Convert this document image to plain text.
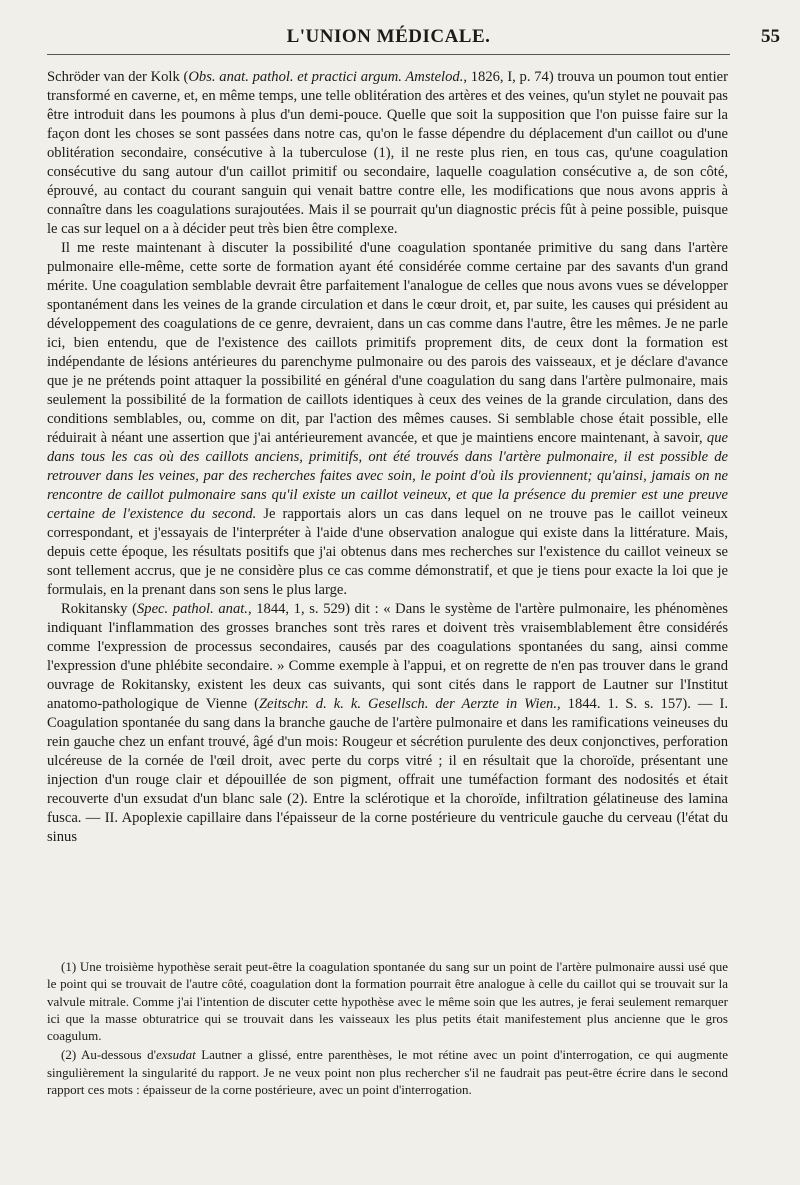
L'UNION MÉDICALE.	55

Schröder van der Kolk (Obs. anat. pathol. et practici argum. Amstelod., 1826, I, p. 74) trouva un poumon tout entier transformé en caverne, et, en même temps, une telle oblitération des artères et des veines, qu'un stylet ne pouvait pas être introduit dans les poumons à plus d'un demi-pouce. Quelle que soit la supposition que l'on puisse faire sur la façon dont les choses se sont passées dans notre cas, qu'on le fasse dépendre du déplacement d'un caillot ou d'une oblitération secondaire, consécutive à la tuberculose (1), il ne reste plus rien, en tous cas, qu'une coagulation consécutive du sang autour d'un caillot primitif ou secondaire, laquelle coagulation consécutive a, de son côté, éprouvé, au contact du courant sanguin qui venait battre contre elle, les modifications que nous avons appris à connaître dans les coagulations surajoutées. Mais il se pourrait qu'un diagnostic précis fût à peine possible, puisque le cas sur lequel on a à décider peut très bien être complexe.

Il me reste maintenant à discuter la possibilité d'une coagulation spontanée primitive du sang dans l'artère pulmonaire elle-même, cette sorte de formation ayant été considérée comme certaine par des savants d'un grand mérite. Une coagulation semblable devrait être parfaitement l'analogue de celles que nous avons vues se développer spontanément dans les veines de la grande circulation et dans le cœur droit, et, par suite, les causes qui président au développement des coagulations de ce genre, devraient, dans un cas comme dans l'autre, être les mêmes. Je ne parle ici, bien entendu, que de l'existence des caillots primitifs proprement dits, de ceux dont la formation est indépendante de lésions antérieures du parenchyme pulmonaire ou des parois des vaisseaux, et je déclare d'avance que je ne prétends point attaquer la possibilité en général d'une coagulation du sang dans l'artère pulmonaire, mais seulement la possibilité de la formation de caillots identiques à ceux des veines de la grande circulation, dans des conditions semblables, ou, comme on dit, par l'action des mêmes causes. Si semblable chose était possible, elle réduirait à néant une assertion que j'ai antérieurement avancée, et que je maintiens encore maintenant, à savoir, que dans tous les cas où des caillots anciens, primitifs, ont été trouvés dans l'artère pulmonaire, il est possible de retrouver dans les veines, par des recherches faites avec soin, le point d'où ils proviennent; qu'ainsi, jamais on ne rencontre de caillot pulmonaire sans qu'il existe un caillot veineux, et que la présence du premier est une preuve certaine de l'existence du second. Je rapportais alors un cas dans lequel on ne trouve pas le caillot veineux correspondant, et j'essayais de l'interpréter à l'aide d'une observation analogue qui existe dans la littérature. Mais, depuis cette époque, les résultats positifs que j'ai obtenus dans mes recherches sur l'existence du caillot veineux se sont tellement accrus, que je ne considère plus ce cas comme démonstratif, et que je tiens pour exacte la loi que je formulais, en la prenant dans son sens le plus large.

Rokitansky (Spec. pathol. anat., 1844, 1, s. 529) dit : « Dans le système de l'artère pulmonaire, les phénomènes indiquant l'inflammation des grosses branches sont très rares et doivent très vraisemblablement être considérés comme l'expression de processus secondaires, causés par des coagulations spontanées du sang, ainsi comme l'expression d'une phlébite secondaire. » Comme exemple à l'appui, et on regrette de n'en pas trouver dans le grand ouvrage de Rokitansky, existent les deux cas suivants, qui sont cités dans le rapport de Lautner sur l'Institut anatomo-pathologique de Vienne (Zeitschr. d. k. k. Gesellsch. der Aerzte in Wien., 1844. 1. S. s. 157). — I. Coagulation spontanée du sang dans la branche gauche de l'artère pulmonaire et dans les ramifications veineuses du rein gauche chez un enfant trouvé, âgé d'un mois: Rougeur et sécrétion purulente des deux conjonctives, perforation ulcéreuse de la cornée de l'œil droit, avec perte du corps vitré ; il en résultait que la choroïde, présentant une injection d'un rouge clair et dépouillée de son pigment, offrait une tuméfaction formant des nodosités et était recouverte d'un exsudat d'un blanc sale (2). Entre la sclérotique et la choroïde, infiltration gélatineuse des lamina fusca. — II. Apoplexie capillaire dans l'épaisseur de la corne postérieure du ventricule gauche du cerveau (l'état du sinus

(1) Une troisième hypothèse serait peut-être la coagulation spontanée du sang sur un point de l'artère pulmonaire aussi usé que le point qui se trouvait de l'autre côté, coagulation dont la formation pourrait être analogue à celle du caillot qui se trouvait sur la valvule mitrale. Comme j'ai l'intention de discuter cette hypothèse avec le même soin que les autres, je ferai seulement remarquer ici que la masse obturatrice qui se trouvait dans les vaisseaux les plus petits était manifestement plus ancienne que le gros coagulum.

(2) Au-dessous d'exsudat Lautner a glissé, entre parenthèses, le mot rétine avec un point d'interrogation, ce qui augmente singulièrement la singularité du rapport. Je ne veux point non plus rechercher s'il ne faudrait pas peut-être écrire dans le second rapport ces mots : épaisseur de la corne postérieure, avec un point d'interrogation.
